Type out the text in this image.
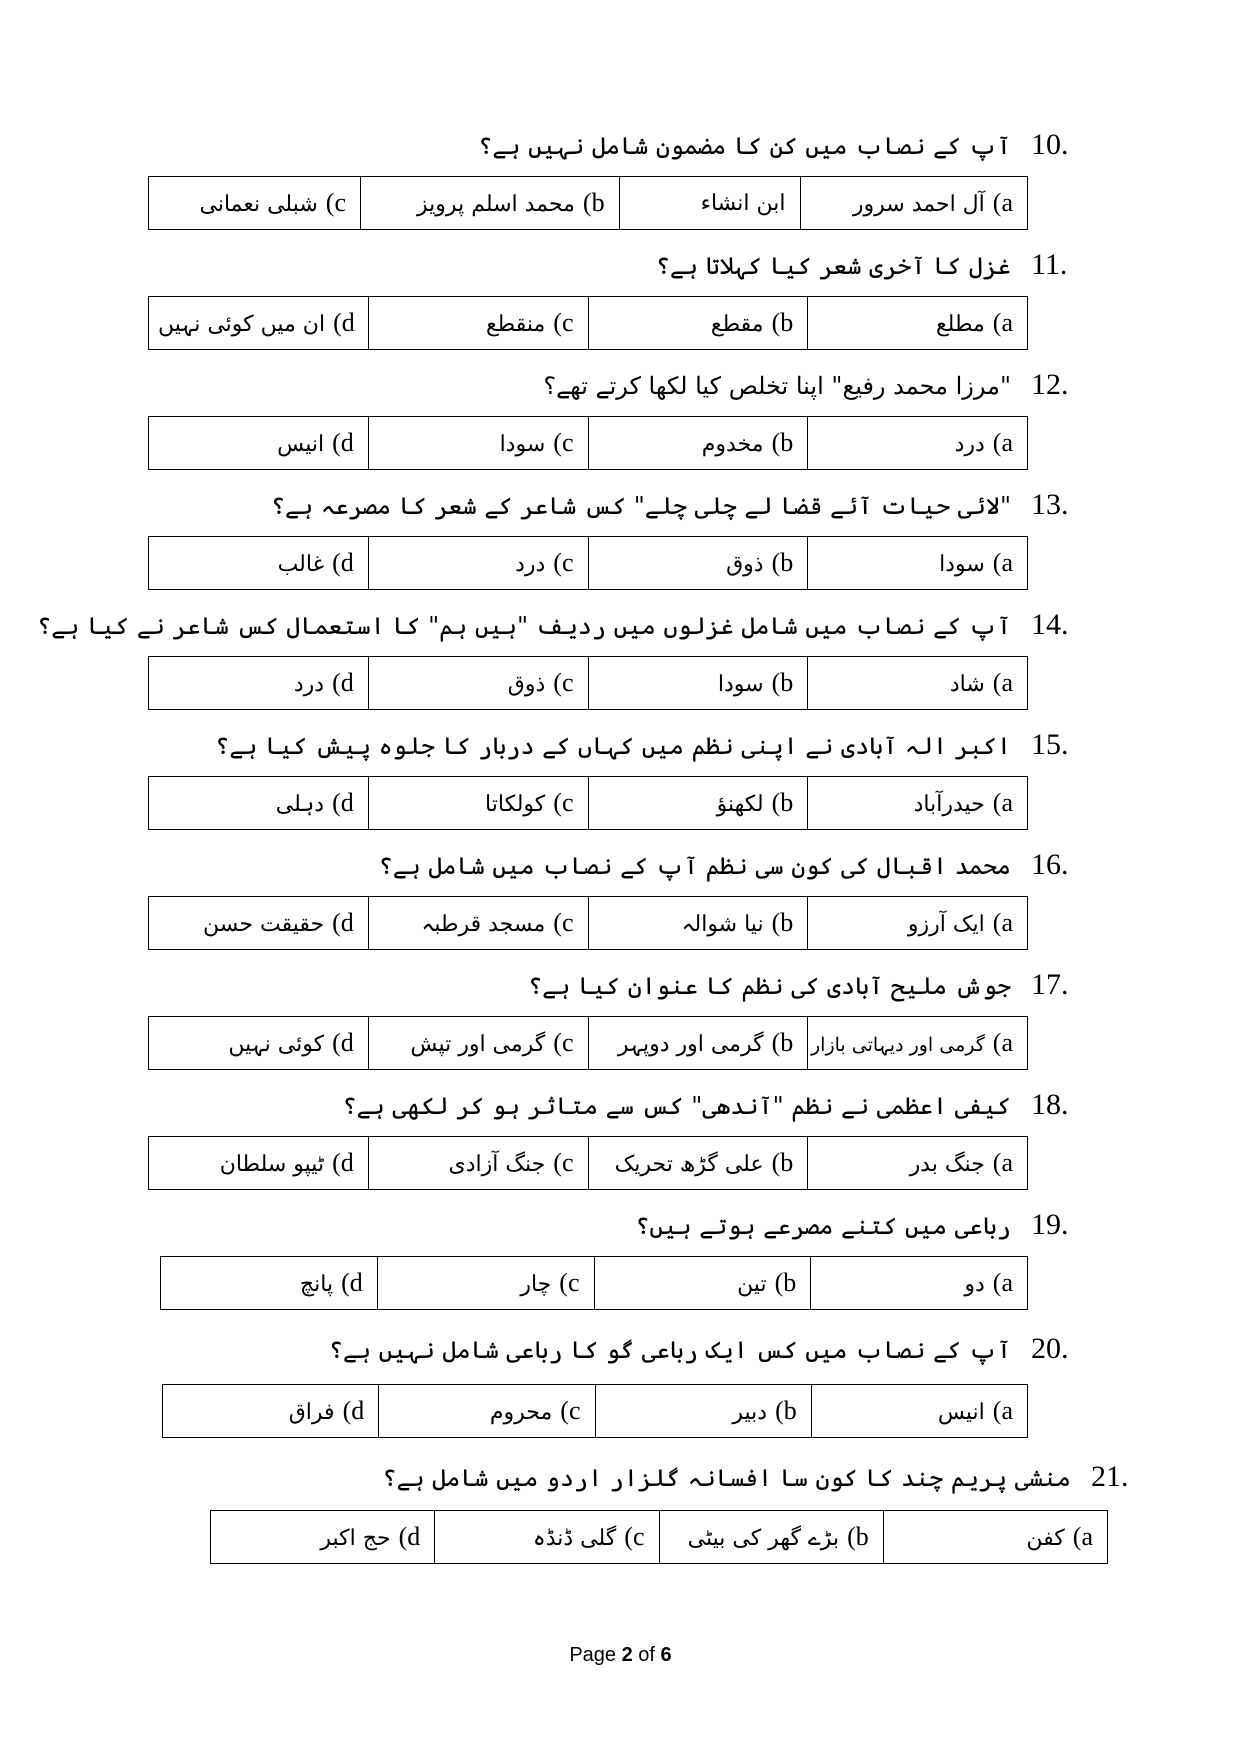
10.
آپ کے نصاب میں کن کا مضمون شامل نہیں ہے؟
a)آل احمد سرور	ابن انشاء	b)محمد اسلم پرویز	c)شبلی نعمانی
11.
غزل کا آخری شعر کیا کہلاتا ہے؟
a)مطلع	b)مقطع	c)منقطع	d)ان میں کوئی نہیں
12.
"مرزا محمد رفیع" اپنا تخلص کیا لکھا کرتے تھے؟
a)درد	b)مخدوم	c)سودا	d)انیس
13.
"لائی حیات آئے قضا لے چلی چلے" کس شاعر کے شعر کا مصرعہ ہے؟
a)سودا	b)ذوق	c)درد	d)غالب
14.
آپ کے نصاب میں شامل غزلوں میں ردیف "ہیں ہم" کا استعمال کس شاعر نے کیا ہے؟
a)شاد	b)سودا	c)ذوق	d)درد
15.
اکبر الہ آبادی نے اپنی نظم میں کہاں کے دربار کا جلوہ پیش کیا ہے؟
a)حیدرآباد	b)لکھنؤ	c)کولکاتا	d)دہلی
16.
محمد اقبال کی کون سی نظم آپ کے نصاب میں شامل ہے؟
a)ایک آرزو	b)نیا شوالہ	c)مسجد قرطبہ	d)حقیقت حسن
17.
جوش ملیح آبادی کی نظم کا عنوان کیا ہے؟
a)گرمی اور دیہاتی بازار	b)گرمی اور دوپہر	c)گرمی اور تپش	d)کوئی نہیں
18.
کیفی اعظمی نے نظم "آندھی" کس سے متاثر ہو کر لکھی ہے؟
a)جنگ بدر	b)علی گڑھ تحریک	c)جنگ آزادی	d)ٹیپو سلطان
19.
رباعی میں کتنے مصرعے ہوتے ہیں؟
a)دو	b)تین	c)چار	d)پانچ
20.
آپ کے نصاب میں کس ایک رباعی گو کا رباعی شامل نہیں ہے؟
a)انیس	b)دبیر	c)محروم	d)فراق
21.
منشی پریم چند کا کون سا افسانہ گلزار اردو میں شامل ہے؟
a)کفن	b)بڑے گھر کی بیٹی	c)گلی ڈنڈہ	d)حج اکبر
Page 2 of 6
